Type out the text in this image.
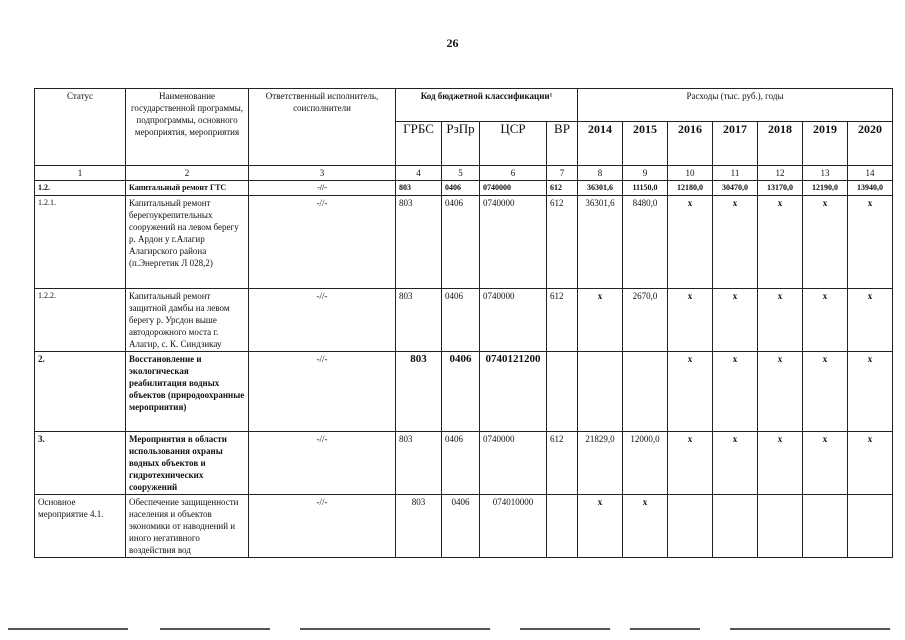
26
Статус	Наименование государственной программы, подпрограммы, основного мероприятия, мероприятия	Ответственный исполнитель, соисполнители	Код бюджетной классификации¹				Расходы (тыс. руб.), годы						
			ГРБС	РзПр	ЦСР	ВР	2014	2015	2016	2017	2018	2019	2020
1	2	3	4	5	6	7	8	9	10	11	12	13	14
1.2.	Капитальный ремонт ГТС	-//-	803	0406	0740000	612	36301,6	11150,0	12180,0	30470,0	13170,0	12190,0	13940,0
1.2.1.	Капитальный ремонт берегоукрепительных сооружений на левом берегу р. Ардон у г.Алагир Алагирского района (п.Энергетик Л 028,2)	-//-	803	0406	0740000	612	36301,6	8480,0	х	х	х	х	х
1.2.2.	Капитальный ремонт защитной дамбы на левом берегу р. Урсдон выше автодорожного моста г. Алагир, с. К. Синдзикау	-//-	803	0406	0740000	612	х	2670,0	х	х	х	х	х
2.	Восстановление и экологическая реабилитация водных объектов (природоохранные мероприятия)	-//-	803	0406	0740121200				х	х	х	х	х
3.	Мероприятия в области использования охраны водных объектов и гидротехнических сооружений	-//-	803	0406	0740000	612	21829,0	12000,0	х	х	х	х	х
Основное мероприятие 4.1.	Обеспечение защищенности населения и объектов экономики от наводнений и иного негативного воздействия вод	-//-	803	0406	074010000		х	х					
